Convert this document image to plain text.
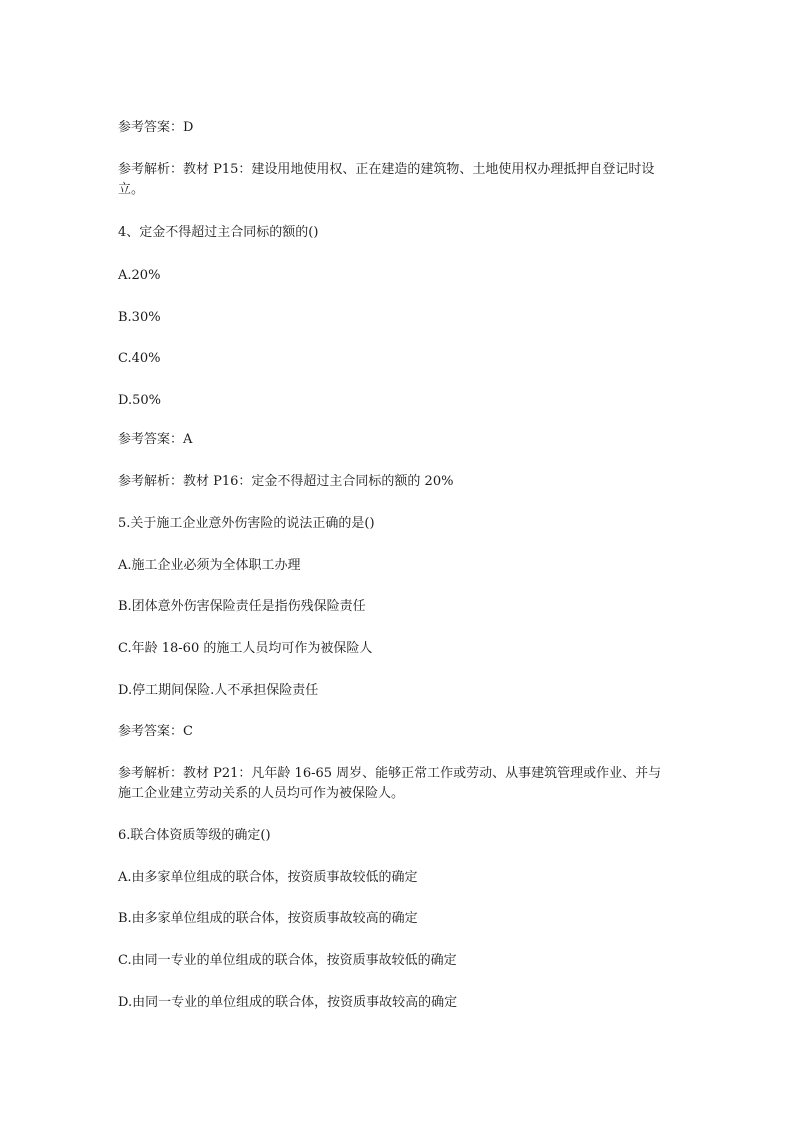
参考答案：D
参考解析：教材 P15：建设用地使用权、正在建造的建筑物、土地使用权办理抵押自登记时设立。
4、定金不得超过主合同标的额的()
A.20%
B.30%
C.40%
D.50%
参考答案：A
参考解析：教材 P16：定金不得超过主合同标的额的 20%
5.关于施工企业意外伤害险的说法正确的是()
A.施工企业必须为全体职工办理
B.团体意外伤害保险责任是指伤残保险责任
C.年龄 18-60 的施工人员均可作为被保险人
D.停工期间保险.人不承担保险责任
参考答案：C
参考解析：教材 P21：凡年龄 16-65 周岁、能够正常工作或劳动、从事建筑管理或作业、并与施工企业建立劳动关系的人员均可作为被保险人。
6.联合体资质等级的确定()
A.由多家单位组成的联合体，按资质事故较低的确定
B.由多家单位组成的联合体，按资质事故较高的确定
C.由同一专业的单位组成的联合体，按资质事故较低的确定
D.由同一专业的单位组成的联合体，按资质事故较高的确定
